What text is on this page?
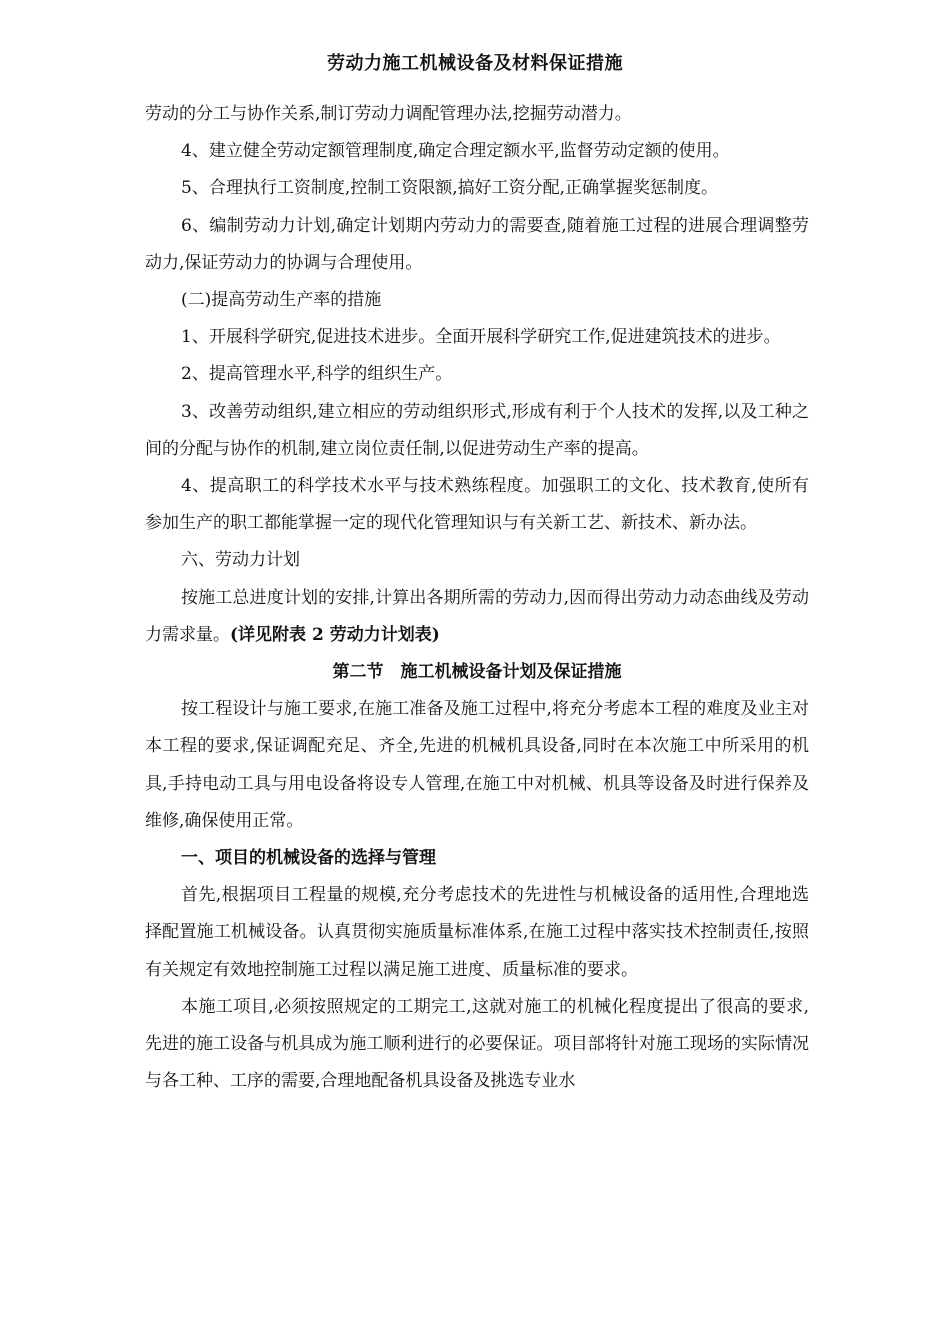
劳动力施工机械设备及材料保证措施

劳动的分工与协作关系,制订劳动力调配管理办法,挖掘劳动潜力。

4、建立健全劳动定额管理制度,确定合理定额水平,监督劳动定额的使用。

5、合理执行工资制度,控制工资限额,搞好工资分配,正确掌握奖惩制度。

6、编制劳动力计划,确定计划期内劳动力的需要查,随着施工过程的进展合理调整劳动力,保证劳动力的协调与合理使用。

(二)提高劳动生产率的措施

1、开展科学研究,促进技术进步。全面开展科学研究工作,促进建筑技术的进步。

2、提高管理水平,科学的组织生产。

3、改善劳动组织,建立相应的劳动组织形式,形成有利于个人技术的发挥,以及工种之间的分配与协作的机制,建立岗位责任制,以促进劳动生产率的提高。

4、提高职工的科学技术水平与技术熟练程度。加强职工的文化、技术教育,使所有参加生产的职工都能掌握一定的现代化管理知识与有关新工艺、新技术、新办法。

六、劳动力计划

按施工总进度计划的安排,计算出各期所需的劳动力,因而得出劳动力动态曲线及劳动力需求量。(详见附表 2 劳动力计划表)

第二节　施工机械设备计划及保证措施

按工程设计与施工要求,在施工准备及施工过程中,将充分考虑本工程的难度及业主对本工程的要求,保证调配充足、齐全,先进的机械机具设备,同时在本次施工中所采用的机具,手持电动工具与用电设备将设专人管理,在施工中对机械、机具等设备及时进行保养及维修,确保使用正常。

一、项目的机械设备的选择与管理

首先,根据项目工程量的规模,充分考虑技术的先进性与机械设备的适用性,合理地选择配置施工机械设备。认真贯彻实施质量标准体系,在施工过程中落实技术控制责任,按照有关规定有效地控制施工过程以满足施工进度、质量标准的要求。

本施工项目,必须按照规定的工期完工,这就对施工的机械化程度提出了很高的要求,先进的施工设备与机具成为施工顺利进行的必要保证。项目部将针对施工现场的实际情况与各工种、工序的需要,合理地配备机具设备及挑选专业水
